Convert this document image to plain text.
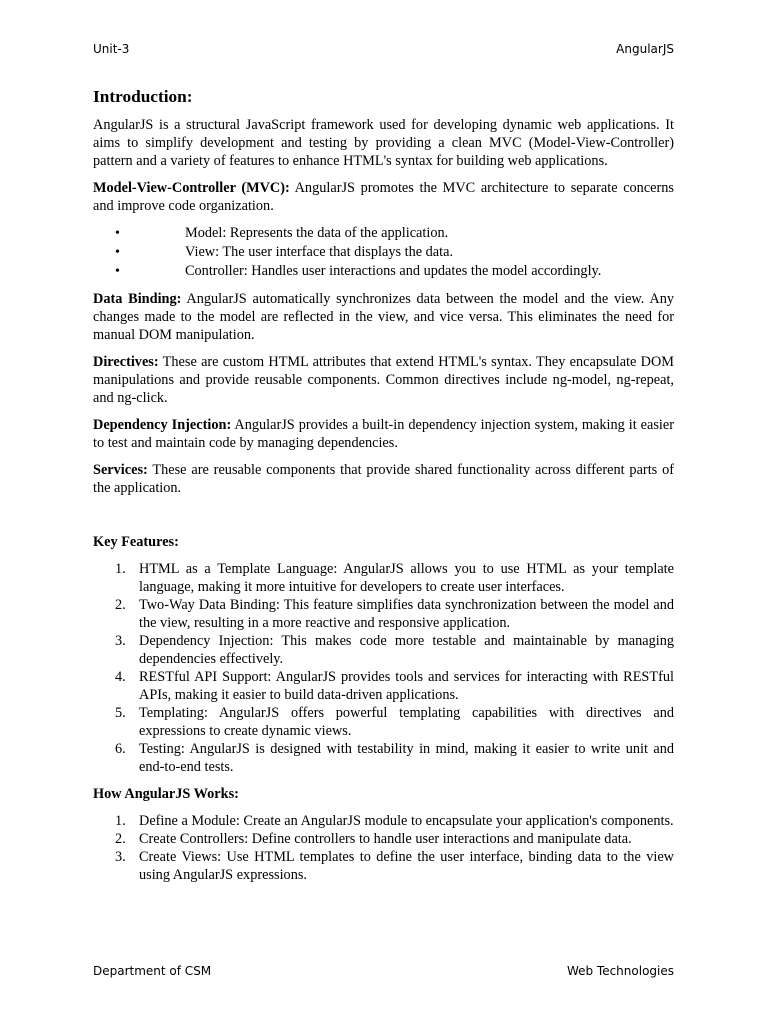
Unit-3	AngularJS
Introduction:

AngularJS is a structural JavaScript framework used for developing dynamic web applications. It aims to simplify development and testing by providing a clean MVC (Model-View-Controller) pattern and a variety of features to enhance HTML's syntax for building web applications.

Model-View-Controller (MVC): AngularJS promotes the MVC architecture to separate concerns and improve code organization.

• Model: Represents the data of the application.
• View: The user interface that displays the data.
• Controller: Handles user interactions and updates the model accordingly.

Data Binding: AngularJS automatically synchronizes data between the model and the view. Any changes made to the model are reflected in the view, and vice versa. This eliminates the need for manual DOM manipulation.

Directives: These are custom HTML attributes that extend HTML's syntax. They encapsulate DOM manipulations and provide reusable components. Common directives include ng-model, ng-repeat, and ng-click.

Dependency Injection: AngularJS provides a built-in dependency injection system, making it easier to test and maintain code by managing dependencies.

Services: These are reusable components that provide shared functionality across different parts of the application.

Key Features:
1. HTML as a Template Language: AngularJS allows you to use HTML as your template language, making it more intuitive for developers to create user interfaces.
2. Two-Way Data Binding: This feature simplifies data synchronization between the model and the view, resulting in a more reactive and responsive application.
3. Dependency Injection: This makes code more testable and maintainable by managing dependencies effectively.
4. RESTful API Support: AngularJS provides tools and services for interacting with RESTful APIs, making it easier to build data-driven applications.
5. Templating: AngularJS offers powerful templating capabilities with directives and expressions to create dynamic views.
6. Testing: AngularJS is designed with testability in mind, making it easier to write unit and end-to-end tests.
How AngularJS Works:
1. Define a Module: Create an AngularJS module to encapsulate your application's components.
2. Create Controllers: Define controllers to handle user interactions and manipulate data.
3. Create Views: Use HTML templates to define the user interface, binding data to the view using AngularJS expressions.
Department of CSM	Web Technologies
